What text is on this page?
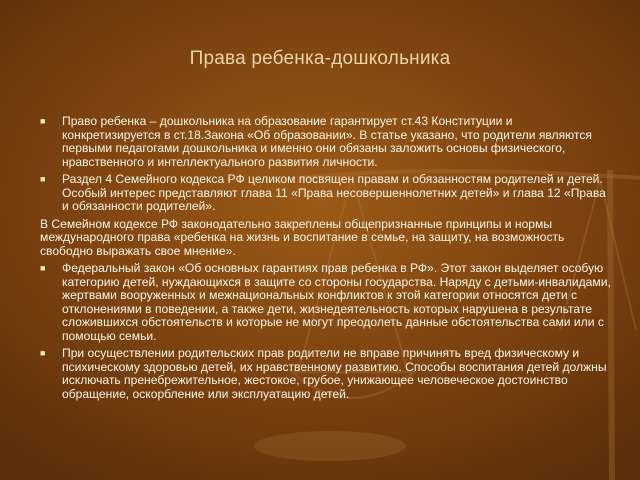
Права ребенка-дошкольника

■	Право ребенка – дошкольника на образование гарантирует ст.43 Конституции и конкретизируется в ст.18.Закона «Об образовании». В статье указано, что родители являются первыми педагогами дошкольника и именно они обязаны заложить основы физического, нравственного и интеллектуального развития личности.

■	Раздел 4 Семейного кодекса РФ целиком посвящен правам и обязанностям родителей и детей. Особый интерес представляют глава 11 «Права несовершеннолетних детей» и глава 12 «Права и обязанности родителей».

В Семейном кодексе РФ законодательно закреплены общепризнанные принципы и нормы международного права «ребенка на жизнь и воспитание в семье, на защиту, на возможность свободно выражать свое мнение».

■	Федеральный закон «Об основных гарантиях прав ребенка в РФ». Этот закон выделяет особую категорию детей, нуждающихся в защите со стороны государства. Наряду с детьми-инвалидами, жертвами вооруженных и межнациональных конфликтов к этой категории относятся дети с отклонениями в поведении, а также дети, жизнедеятельность которых нарушена в результате сложившихся обстоятельств и которые не могут преодолеть данные обстоятельства сами или с помощью семьи.

■	При осуществлении родительских прав родители не вправе причинять вред физическому и психическому здоровью детей, их нравственному развитию. Способы воспитания детей должны исключать пренебрежительное, жестокое, грубое, унижающее человеческое достоинство обращение, оскорбление или эксплуатацию детей.
